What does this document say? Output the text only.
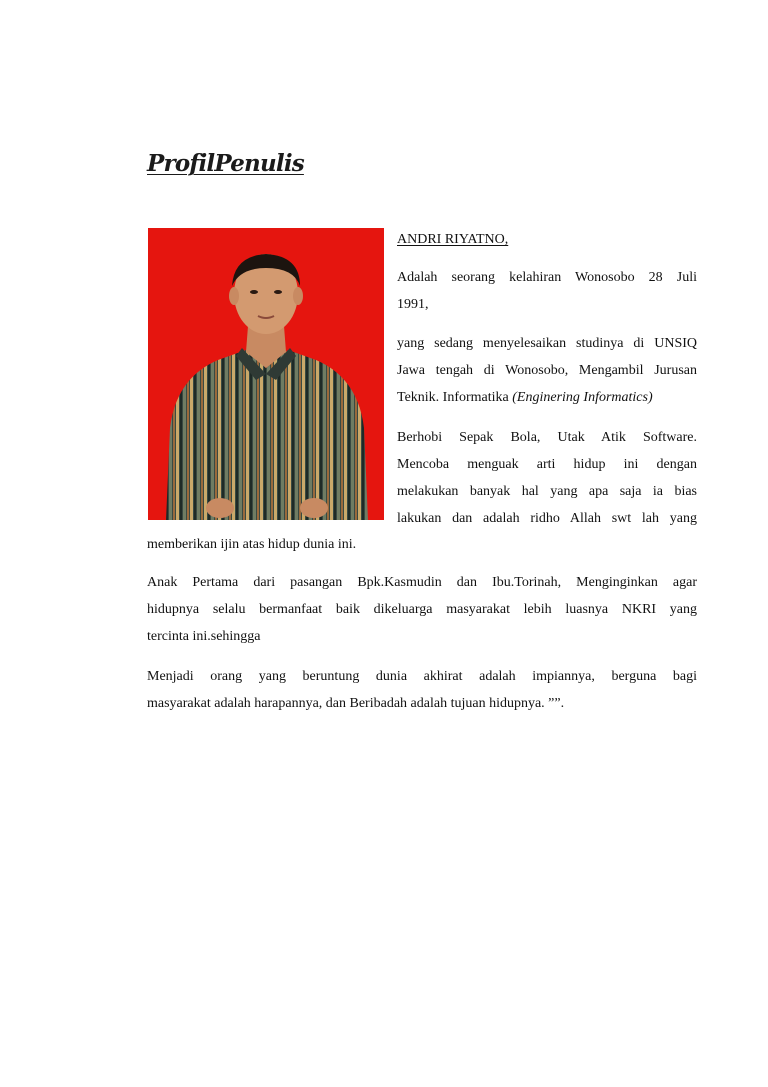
ProfilPenulis
ANDRI RIYATNO,
Adalah seorang kelahiran Wonosobo 28 Juli
1991,
yang sedang menyelesaikan studinya di UNSIQ
Jawa tengah di Wonosobo, Mengambil Jurusan
Teknik. Informatika (Enginering Informatics)
Berhobi Sepak Bola, Utak Atik Software.
Mencoba menguak arti hidup ini dengan
melakukan banyak hal yang apa saja ia bias
lakukan dan adalah ridho Allah swt lah yang
memberikan ijin atas hidup dunia ini.
Anak Pertama dari pasangan Bpk.Kasmudin dan Ibu.Torinah, Menginginkan agar
hidupnya selalu bermanfaat baik dikeluarga masyarakat lebih luasnya NKRI yang
tercinta ini.sehingga
Menjadi orang yang beruntung dunia akhirat adalah impiannya, berguna bagi
masyarakat adalah harapannya, dan Beribadah adalah tujuan hidupnya. ””.
